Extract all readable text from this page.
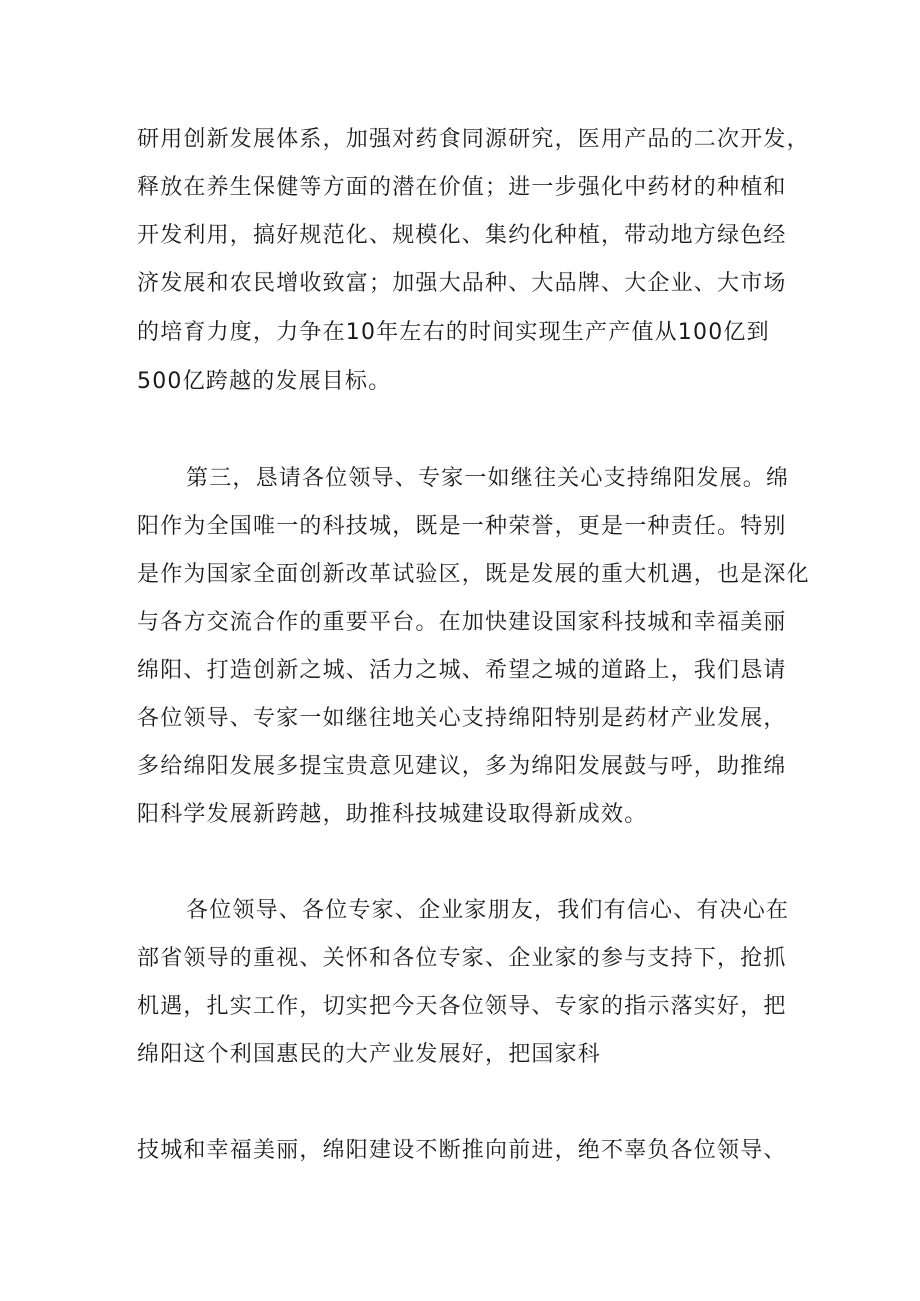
研用创新发展体系，加强对药食同源研究，医用产品的二次开发，
释放在养生保健等方面的潜在价值；进一步强化中药材的种植和
开发利用，搞好规范化、规模化、集约化种植，带动地方绿色经
济发展和农民增收致富；加强大品种、大品牌、大企业、大市场
的培育力度，力争在10年左右的时间实现生产产值从100亿到
500亿跨越的发展目标。
第三，恳请各位领导、专家一如继往关心支持绵阳发展。绵
阳作为全国唯一的科技城，既是一种荣誉，更是一种责任。特别
是作为国家全面创新改革试验区，既是发展的重大机遇，也是深化
与各方交流合作的重要平台。在加快建设国家科技城和幸福美丽
绵阳、打造创新之城、活力之城、希望之城的道路上，我们恳请
各位领导、专家一如继往地关心支持绵阳特别是药材产业发展，
多给绵阳发展多提宝贵意见建议，多为绵阳发展鼓与呼，助推绵
阳科学发展新跨越，助推科技城建设取得新成效。
各位领导、各位专家、企业家朋友，我们有信心、有决心在
部省领导的重视、关怀和各位专家、企业家的参与支持下，抢抓
机遇，扎实工作，切实把今天各位领导、专家的指示落实好，把
绵阳这个利国惠民的大产业发展好，把国家科
技城和幸福美丽，绵阳建设不断推向前进，绝不辜负各位领导、
